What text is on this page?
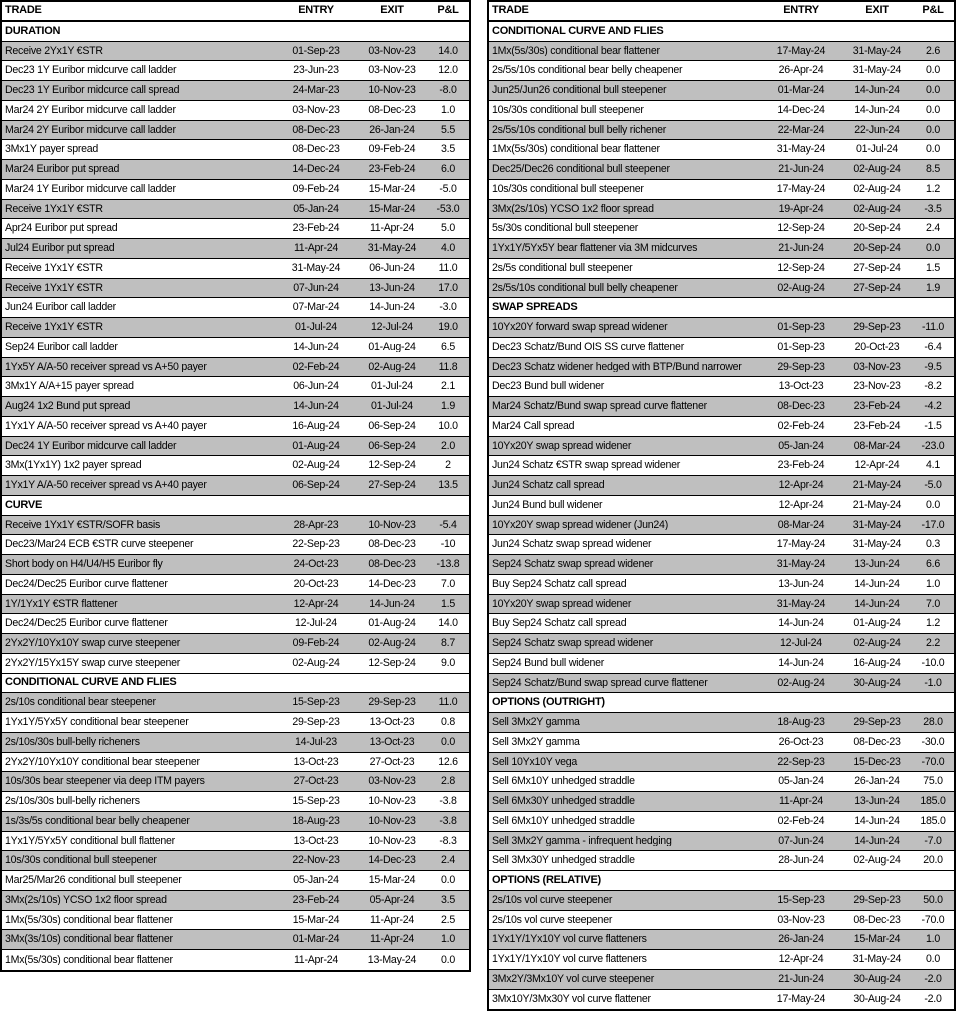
TRADE	ENTRY	EXIT	P&L
DURATION
Receive 2Yx1Y €STR	01-Sep-23	03-Nov-23	14.0
Dec23 1Y Euribor midcurve call ladder	23-Jun-23	03-Nov-23	12.0
Dec23 1Y Euribor midcurce call spread	24-Mar-23	10-Nov-23	-8.0
Mar24 2Y Euribor midcurve call ladder	03-Nov-23	08-Dec-23	1.0
Mar24 2Y Euribor midcurve call ladder	08-Dec-23	26-Jan-24	5.5
3Mx1Y payer spread	08-Dec-23	09-Feb-24	3.5
Mar24 Euribor put spread	14-Dec-24	23-Feb-24	6.0
Mar24 1Y Euribor midcurve call ladder	09-Feb-24	15-Mar-24	-5.0
Receive 1Yx1Y €STR	05-Jan-24	15-Mar-24	-53.0
Apr24 Euribor put spread	23-Feb-24	11-Apr-24	5.0
Jul24 Euribor put spread	11-Apr-24	31-May-24	4.0
Receive 1Yx1Y €STR	31-May-24	06-Jun-24	11.0
Receive 1Yx1Y €STR	07-Jun-24	13-Jun-24	17.0
Jun24 Euribor call ladder	07-Mar-24	14-Jun-24	-3.0
Receive 1Yx1Y €STR	01-Jul-24	12-Jul-24	19.0
Sep24 Euribor call ladder	14-Jun-24	01-Aug-24	6.5
1Yx5Y A/A-50 receiver spread vs A+50 payer	02-Feb-24	02-Aug-24	11.8
3Mx1Y A/A+15 payer spread	06-Jun-24	01-Jul-24	2.1
Aug24 1x2 Bund put spread	14-Jun-24	01-Jul-24	1.9
1Yx1Y A/A-50 receiver spread vs A+40 payer	16-Aug-24	06-Sep-24	10.0
Dec24 1Y Euribor midcurve call ladder	01-Aug-24	06-Sep-24	2.0
3Mx(1Yx1Y) 1x2 payer spread	02-Aug-24	12-Sep-24	2
1Yx1Y A/A-50 receiver spread vs A+40 payer	06-Sep-24	27-Sep-24	13.5
CURVE
Receive 1Yx1Y €STR/SOFR basis	28-Apr-23	10-Nov-23	-5.4
Dec23/Mar24 ECB €STR curve steepener	22-Sep-23	08-Dec-23	-10
Short body on H4/U4/H5 Euribor fly	24-Oct-23	08-Dec-23	-13.8
Dec24/Dec25 Euribor curve flattener	20-Oct-23	14-Dec-23	7.0
1Y/1Yx1Y €STR flattener	12-Apr-24	14-Jun-24	1.5
Dec24/Dec25 Euribor curve flattener	12-Jul-24	01-Aug-24	14.0
2Yx2Y/10Yx10Y swap curve steepener	09-Feb-24	02-Aug-24	8.7
2Yx2Y/15Yx15Y swap curve steepener	02-Aug-24	12-Sep-24	9.0
CONDITIONAL CURVE AND FLIES
2s/10s conditional bear steepener	15-Sep-23	29-Sep-23	11.0
1Yx1Y/5Yx5Y conditional bear steepener	29-Sep-23	13-Oct-23	0.8
2s/10s/30s bull-belly richeners	14-Jul-23	13-Oct-23	0.0
2Yx2Y/10Yx10Y conditional bear steepener	13-Oct-23	27-Oct-23	12.6
10s/30s bear steepener via deep ITM payers	27-Oct-23	03-Nov-23	2.8
2s/10s/30s bull-belly richeners	15-Sep-23	10-Nov-23	-3.8
1s/3s/5s conditional bear belly cheapener	18-Aug-23	10-Nov-23	-3.8
1Yx1Y/5Yx5Y conditional bull flattener	13-Oct-23	10-Nov-23	-8.3
10s/30s conditional bull steepener	22-Nov-23	14-Dec-23	2.4
Mar25/Mar26 conditional bull steepener	05-Jan-24	15-Mar-24	0.0
3Mx(2s/10s) YCSO 1x2 floor spread	23-Feb-24	05-Apr-24	3.5
1Mx(5s/30s) conditional bear flattener	15-Mar-24	11-Apr-24	2.5
3Mx(3s/10s) conditional bear flattener	01-Mar-24	11-Apr-24	1.0
1Mx(5s/30s) conditional bear flattener	11-Apr-24	13-May-24	0.0
TRADE	ENTRY	EXIT	P&L
CONDITIONAL CURVE AND FLIES
1Mx(5s/30s) conditional bear flattener	17-May-24	31-May-24	2.6
2s/5s/10s conditional bear belly cheapener	26-Apr-24	31-May-24	0.0
Jun25/Jun26 conditional bull steepener	01-Mar-24	14-Jun-24	0.0
10s/30s conditional bull steepener	14-Dec-24	14-Jun-24	0.0
2s/5s/10s conditional bull belly richener	22-Mar-24	22-Jun-24	0.0
1Mx(5s/30s) conditional bear flattener	31-May-24	01-Jul-24	0.0
Dec25/Dec26 conditional bull steepener	21-Jun-24	02-Aug-24	8.5
10s/30s conditional bull steepener	17-May-24	02-Aug-24	1.2
3Mx(2s/10s) YCSO 1x2 floor spread	19-Apr-24	02-Aug-24	-3.5
5s/30s conditional bull steepener	12-Sep-24	20-Sep-24	2.4
1Yx1Y/5Yx5Y bear flattener via 3M midcurves	21-Jun-24	20-Sep-24	0.0
2s/5s conditional bull steepener	12-Sep-24	27-Sep-24	1.5
2s/5s/10s conditional bull belly cheapener	02-Aug-24	27-Sep-24	1.9
SWAP SPREADS
10Yx20Y forward swap spread widener	01-Sep-23	29-Sep-23	-11.0
Dec23 Schatz/Bund OIS SS curve flattener	01-Sep-23	20-Oct-23	-6.4
Dec23 Schatz widener hedged with BTP/Bund narrower	29-Sep-23	03-Nov-23	-9.5
Dec23 Bund bull widener	13-Oct-23	23-Nov-23	-8.2
Mar24 Schatz/Bund swap spread curve flattener	08-Dec-23	23-Feb-24	-4.2
Mar24 Call spread	02-Feb-24	23-Feb-24	-1.5
10Yx20Y swap spread widener	05-Jan-24	08-Mar-24	-23.0
Jun24 Schatz €STR swap spread widener	23-Feb-24	12-Apr-24	4.1
Jun24 Schatz call spread	12-Apr-24	21-May-24	-5.0
Jun24 Bund bull widener	12-Apr-24	21-May-24	0.0
10Yx20Y swap spread widener (Jun24)	08-Mar-24	31-May-24	-17.0
Jun24 Schatz swap spread widener	17-May-24	31-May-24	0.3
Sep24 Schatz swap spread widener	31-May-24	13-Jun-24	6.6
Buy Sep24 Schatz call spread	13-Jun-24	14-Jun-24	1.0
10Yx20Y swap spread widener	31-May-24	14-Jun-24	7.0
Buy Sep24 Schatz call spread	14-Jun-24	01-Aug-24	1.2
Sep24 Schatz swap spread widener	12-Jul-24	02-Aug-24	2.2
Sep24 Bund bull widener	14-Jun-24	16-Aug-24	-10.0
Sep24 Schatz/Bund swap spread curve flattener	02-Aug-24	30-Aug-24	-1.0
OPTIONS (OUTRIGHT)
Sell 3Mx2Y gamma	18-Aug-23	29-Sep-23	28.0
Sell 3Mx2Y gamma	26-Oct-23	08-Dec-23	-30.0
Sell 10Yx10Y vega	22-Sep-23	15-Dec-23	-70.0
Sell 6Mx10Y unhedged straddle	05-Jan-24	26-Jan-24	75.0
Sell 6Mx30Y unhedged straddle	11-Apr-24	13-Jun-24	185.0
Sell 6Mx10Y unhedged straddle	02-Feb-24	14-Jun-24	185.0
Sell 3Mx2Y gamma - infrequent hedging	07-Jun-24	14-Jun-24	-7.0
Sell 3Mx30Y unhedged straddle	28-Jun-24	02-Aug-24	20.0
OPTIONS (RELATIVE)
2s/10s vol curve steepener	15-Sep-23	29-Sep-23	50.0
2s/10s vol curve steepener	03-Nov-23	08-Dec-23	-70.0
1Yx1Y/1Yx10Y vol curve flatteners	26-Jan-24	15-Mar-24	1.0
1Yx1Y/1Yx10Y vol curve flatteners	12-Apr-24	31-May-24	0.0
3Mx2Y/3Mx10Y vol curve steepener	21-Jun-24	30-Aug-24	-2.0
3Mx10Y/3Mx30Y vol curve flattener	17-May-24	30-Aug-24	-2.0
